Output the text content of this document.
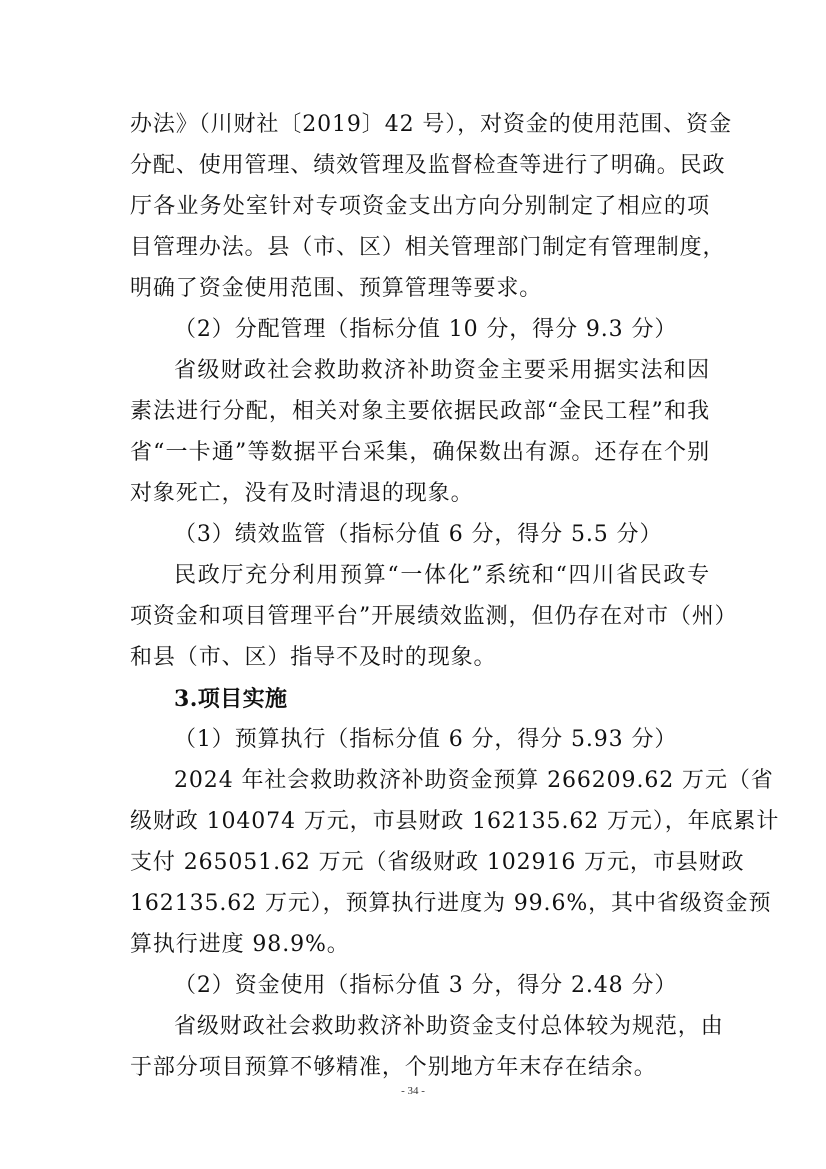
办法》（川财社〔2019〕42 号），对资金的使用范围、资金
分配、使用管理、绩效管理及监督检查等进行了明确。民政
厅各业务处室针对专项资金支出方向分别制定了相应的项
目管理办法。县（市、区）相关管理部门制定有管理制度，
明确了资金使用范围、预算管理等要求。
（2）分配管理（指标分值 10 分，得分 9.3 分）
省级财政社会救助救济补助资金主要采用据实法和因
素法进行分配，相关对象主要依据民政部“金民工程”和我
省“一卡通”等数据平台采集，确保数出有源。还存在个别
对象死亡，没有及时清退的现象。
（3）绩效监管（指标分值 6 分，得分 5.5 分）
民政厅充分利用预算“一体化”系统和“四川省民政专
项资金和项目管理平台”开展绩效监测，但仍存在对市（州）
和县（市、区）指导不及时的现象。
3.项目实施
（1）预算执行（指标分值 6 分，得分 5.93 分）
2024 年社会救助救济补助资金预算 266209.62 万元（省
级财政 104074 万元，市县财政 162135.62 万元），年底累计
支付 265051.62 万元（省级财政 102916 万元，市县财政
162135.62 万元），预算执行进度为 99.6%，其中省级资金预
算执行进度 98.9%。
（2）资金使用（指标分值 3 分，得分 2.48 分）
省级财政社会救助救济补助资金支付总体较为规范，由
于部分项目预算不够精准，个别地方年末存在结余。
- 34 -
